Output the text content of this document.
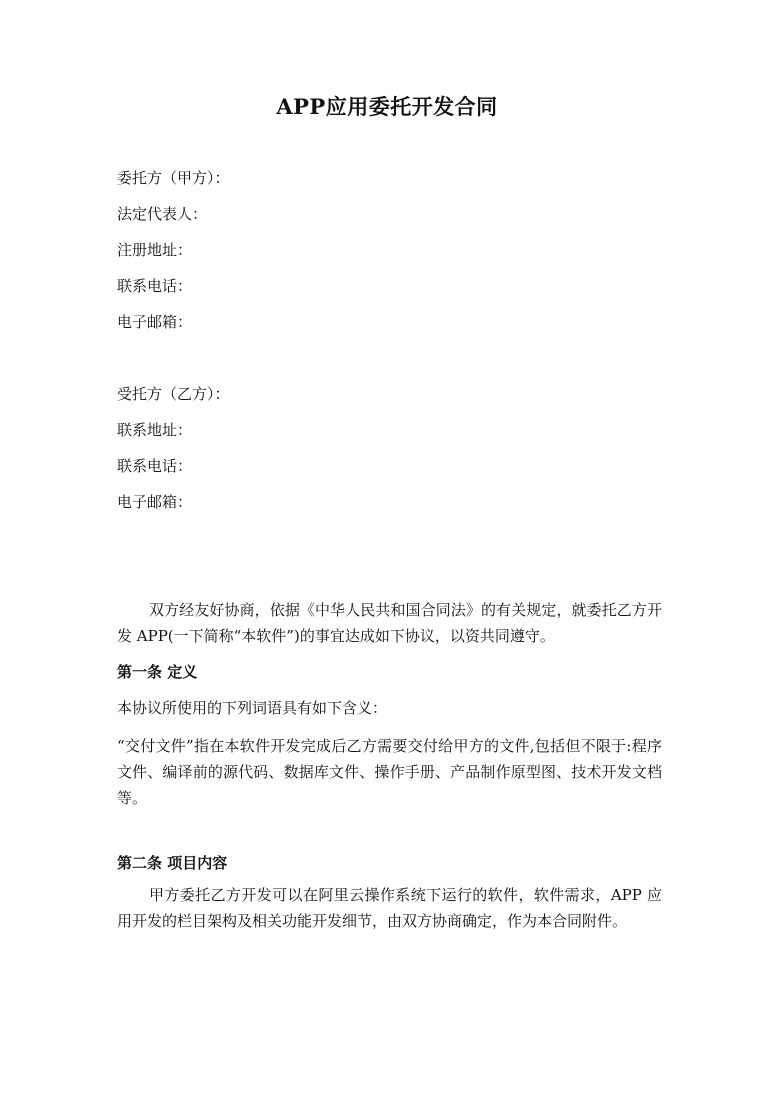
APP应用委托开发合同
委托方（甲方）：
法定代表人：
注册地址：
联系电话：
电子邮箱：
受托方（乙方）：
联系地址：
联系电话：
电子邮箱：
双方经友好协商，依据《中华人民共和国合同法》的有关规定，就委托乙方开发 APP(一下简称“本软件”)的事宜达成如下协议，以资共同遵守。
第一条 定义
本协议所使用的下列词语具有如下含义：
“交付文件”指在本软件开发完成后乙方需要交付给甲方的文件,包括但不限于:程序文件、编译前的源代码、数据库文件、操作手册、产品制作原型图、技术开发文档等。
第二条 项目内容
甲方委托乙方开发可以在阿里云操作系统下运行的软件，软件需求，APP 应用开发的栏目架构及相关功能开发细节，由双方协商确定，作为本合同附件。
